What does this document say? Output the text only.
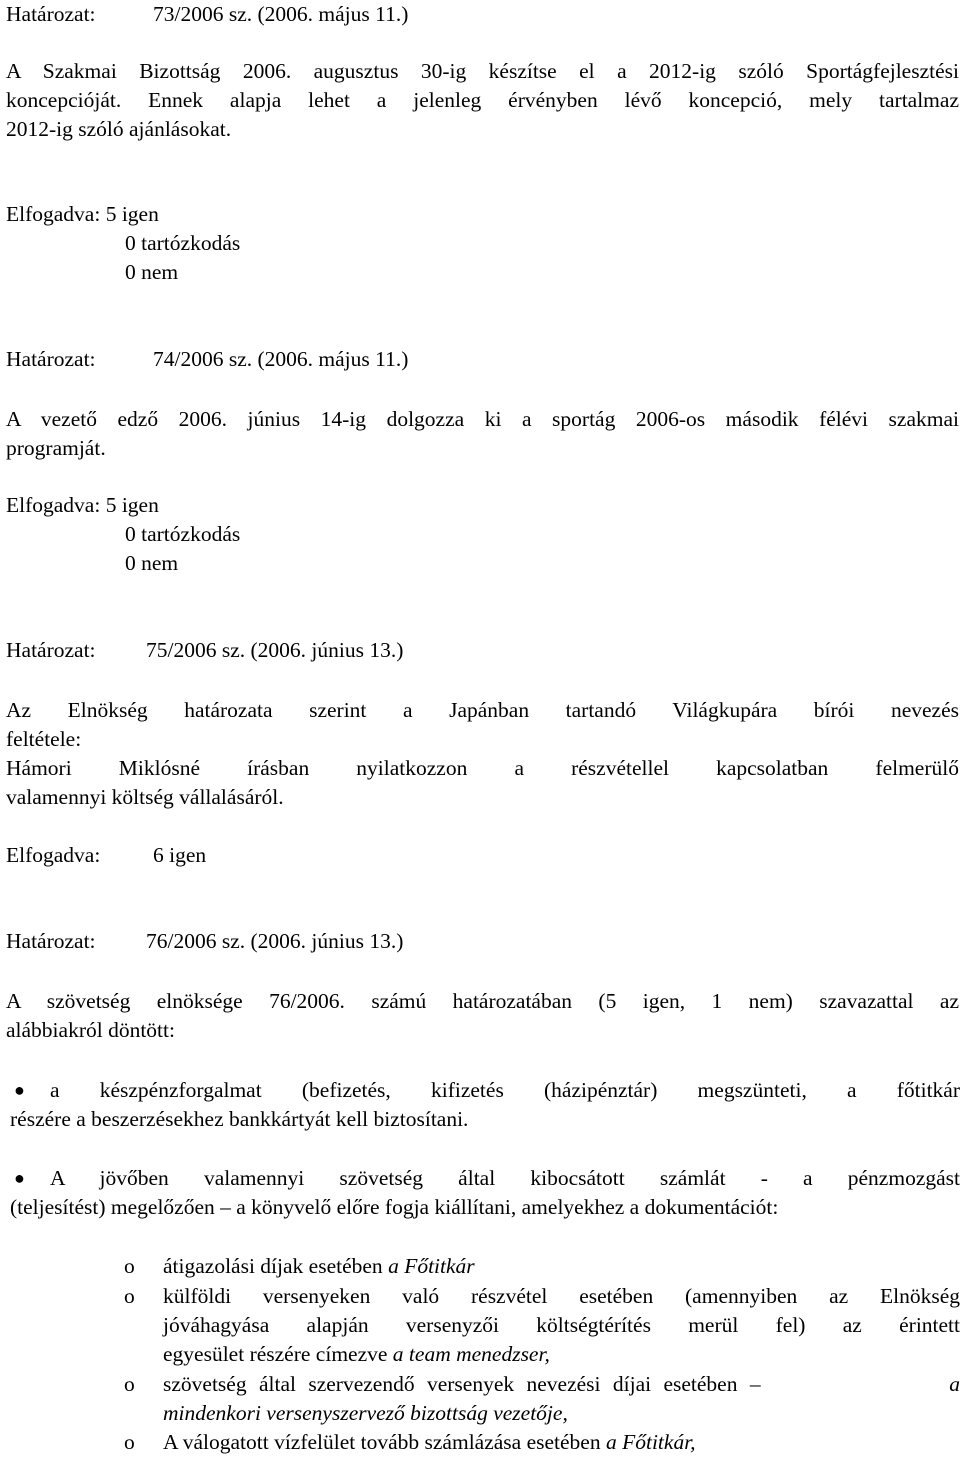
Határozat:	73/2006 sz. (2006. május 11.)
A Szakmai Bizottság 2006. augusztus 30-ig készítse el a 2012-ig szóló Sportágfejlesztési
koncepcióját. Ennek alapja lehet a jelenleg érvényben lévő koncepció, mely tartalmaz
2012-ig szóló ajánlásokat.
Elfogadva: 5 igen
0 tartózkodás
0 nem
Határozat:	74/2006 sz. (2006. május 11.)
A vezető edző 2006. június 14-ig dolgozza ki a sportág 2006-os második félévi szakmai
programját.
Elfogadva: 5 igen
0 tartózkodás
0 nem
Határozat: 75/2006 sz. (2006. június 13.)
Az Elnökség határozata szerint a Japánban tartandó Világkupára bírói nevezés
feltétele:
Hámori Miklósné írásban nyilatkozzon a részvétellel kapcsolatban felmerülő
valamennyi költség vállalásáról.
Elfogadva: 6 igen
Határozat: 76/2006 sz. (2006. június 13.)
A szövetség elnöksége 76/2006. számú határozatában (5 igen, 1 nem) szavazattal az
alábbiakról döntött:
● a készpénzforgalmat (befizetés, kifizetés (házipénztár) megszünteti, a főtitkár
részére a beszerzésekhez bankkártyát kell biztosítani.
● A jövőben valamennyi szövetség által kibocsátott számlát - a pénzmozgást
(teljesítést) megelőzően – a könyvelő előre fogja kiállítani, amelyekhez a dokumentációt:
o átigazolási díjak esetében a Főtitkár
o külföldi versenyeken való részvétel esetében (amennyiben az Elnökség
jóváhagyása alapján versenyzői költségtérítés merül fel) az érintett
egyesület részére címezve a team menedzser,
o szövetség által szervezendő versenyek nevezési díjai esetében –	a
mindenkori versenyszervező bizottság vezetője,
o A válogatott vízfelület tovább számlázása esetében a Főtitkár,
